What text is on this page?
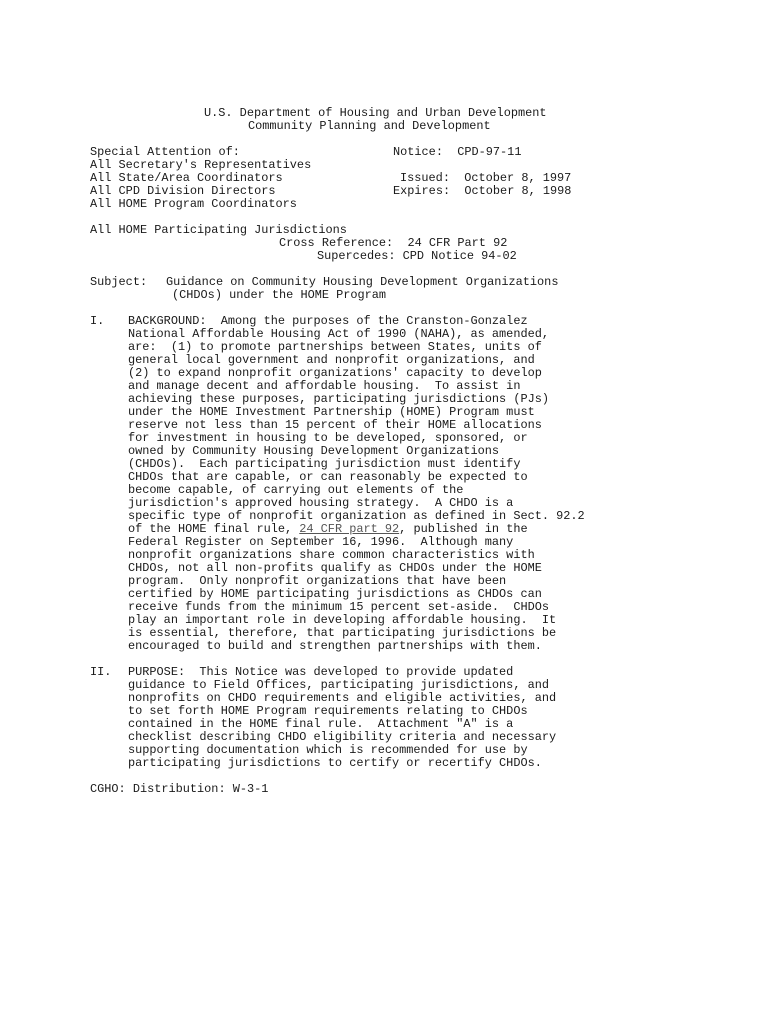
U.S. Department of Housing and Urban Development
Community Planning and Development
Special Attention of:
All Secretary's Representatives
All State/Area Coordinators
All CPD Division Directors
All HOME Program Coordinators
Notice: CPD-97-11
Issued: October 8, 1997
Expires: October 8, 1998
All HOME Participating Jurisdictions
Cross Reference: 24 CFR Part 92
Supercedes: CPD Notice 94-02
Subject: Guidance on Community Housing Development Organizations
(CHDOs) under the HOME Program
I. BACKGROUND:  Among the purposes of the Cranston-Gonzalez
National Affordable Housing Act of 1990 (NAHA), as amended,
are:  (1) to promote partnerships between States, units of
general local government and nonprofit organizations, and
(2) to expand nonprofit organizations' capacity to develop
and manage decent and affordable housing.  To assist in
achieving these purposes, participating jurisdictions (PJs)
under the HOME Investment Partnership (HOME) Program must
reserve not less than 15 percent of their HOME allocations
for investment in housing to be developed, sponsored, or
owned by Community Housing Development Organizations
(CHDOs).  Each participating jurisdiction must identify
CHDOs that are capable, or can reasonably be expected to
become capable, of carrying out elements of the
jurisdiction's approved housing strategy.  A CHDO is a
specific type of nonprofit organization as defined in Sect. 92.2
of the HOME final rule, 24 CFR part 92, published in the
Federal Register on September 16, 1996.  Although many
nonprofit organizations share common characteristics with
CHDOs, not all non-profits qualify as CHDOs under the HOME
program.  Only nonprofit organizations that have been
certified by HOME participating jurisdictions as CHDOs can
receive funds from the minimum 15 percent set-aside.  CHDOs
play an important role in developing affordable housing.  It
is essential, therefore, that participating jurisdictions be
encouraged to build and strengthen partnerships with them.
II. PURPOSE:  This Notice was developed to provide updated
guidance to Field Offices, participating jurisdictions, and
nonprofits on CHDO requirements and eligible activities, and
to set forth HOME Program requirements relating to CHDOs
contained in the HOME final rule.  Attachment "A" is a
checklist describing CHDO eligibility criteria and necessary
supporting documentation which is recommended for use by
participating jurisdictions to certify or recertify CHDOs.
CGHO: Distribution: W-3-1
